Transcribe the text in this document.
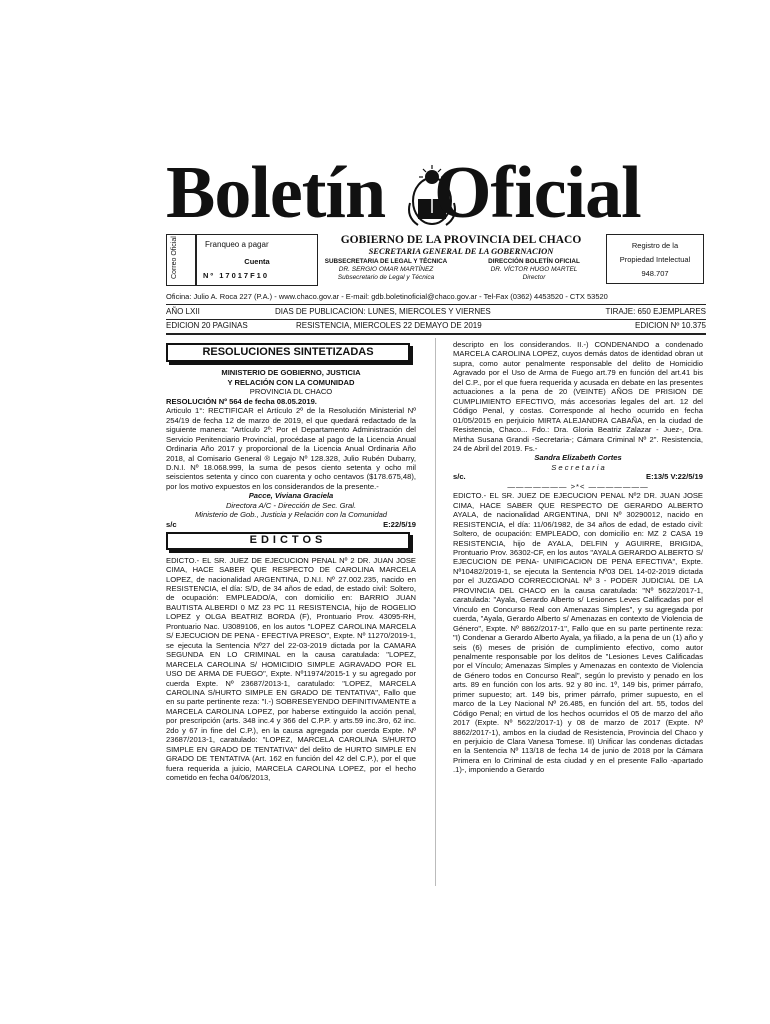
Boletín Oficial
Correo Oficial	Franqueo a pagar
Cuenta
Nº 17017F10
GOBIERNO DE LA PROVINCIA DEL CHACO
SECRETARIA GENERAL DE LA GOBERNACION
SUBSECRETARIA DE LEGAL Y TÉCNICA
DR. SERGIO OMAR MARTÍNEZ
Subsecretario de Legal y Técnica
DIRECCIÓN BOLETÍN OFICIAL
DR. VÍCTOR HUGO MARTEL
Director
Registro de la
Propiedad Intelectual
948.707
Oficina: Julio A. Roca 227 (P.A.) - www.chaco.gov.ar - E-mail: gdb.boletinoficial@chaco.gov.ar - Tel-Fax (0362) 4453520 - CTX 53520
AÑO LXII	DIAS DE PUBLICACION: LUNES, MIERCOLES Y VIERNES	TIRAJE: 650 EJEMPLARES
EDICION 20 PAGINAS	RESISTENCIA, MIERCOLES 22 DEMAYO DE 2019	EDICION Nº 10.375
RESOLUCIONES SINTETIZADAS

MINISTERIO DE GOBIERNO, JUSTICIA

Y RELACIÓN CON LA COMUNIDAD

PROVINCIA DL CHACO

RESOLUCIÓN Nº 564 de fecha 08.05.2019.

Articulo 1°: RECTIFICAR el Artículo 2º de la Resolución Ministerial Nº 254/19 de fecha 12 de marzo de 2019, el que quedará redactado de la siguiente manera: "Artículo 2º: Por el Departamento Administración del Servicio Penitenciario Provincial, procédase al pago de la Licencia Anual Ordinaria Año 2017 y proporcional de la Licencia Anual Ordinaria Año 2018, al Comisario General ® Legajo Nº 128.328, Julio Rubén Dubarry, D.N.I. Nº 18.068.999, la suma de pesos ciento setenta y ocho mil seiscientos setenta y cinco con cuarenta y ocho centavos ($178.675,48), por los motivo expuestos en los considerandos de la presente.-

Pacce, Viviana Graciela

Directora A/C - Dirección de Sec. Gral.

Ministerio de Gob., Justicia y Relación con la Comunidad

s/c	E:22/5/19
EDICTOS

EDICTO.- EL SR. JUEZ DE EJECUCION PENAL Nº 2 DR. JUAN JOSE CIMA, HACE SABER QUE RESPECTO DE CAROLINA MARCELA LOPEZ, de nacionalidad ARGENTINA, D.N.I. Nº 27.002.235, nacido en RESISTENCIA, el día: S/D, de 34 años de edad, de estado civil: Soltero, de ocupación: EMPLEADO/A, con domicilio en: BARRIO JUAN BAUTISTA ALBERDI 0 MZ 23 PC 11 RESISTENCIA, hijo de ROGELIO LOPEZ y OLGA BEATRIZ BORDA (F), Prontuario Prov. 43095-RH, Prontuario Nac. U3089106, en los autos "LOPEZ CAROLINA MARCELA S/ EJECUCION DE PENA - EFECTIVA PRESO", Expte. Nº 11270/2019-1, se ejecuta la Sentencia Nº27 del 22-03-2019 dictada por la CAMARA SEGUNDA EN LO CRIMINAL en la causa caratulada: "LOPEZ, MARCELA CAROLINA S/ HOMICIDIO SIMPLE AGRAVADO POR EL USO DE ARMA DE FUEGO", Expte. Nº11974/2015-1 y su agregado por cuerda Expte. Nº 23687/2013-1, caratulado: "LOPEZ, MARCELA CAROLINA S/HURTO SIMPLE EN GRADO DE TENTATIVA", Fallo que en su parte pertinente reza: "I.-) SOBRESEYENDO DEFINITIVAMENTE a MARCELA CAROLINA LOPEZ, por haberse extinguido la acción penal, por prescripción (arts. 348 inc.4 y 366 del C.P.P. y arts.59 inc.3ro, 62 inc. 2do y 67 in fine del C.P.), en la causa agregada por cuerda Expte. Nº 23687/2013-1, caratulado: "LOPEZ, MARCELA CAROLINA S/HURTO SIMPLE EN GRADO DE TENTATIVA" del delito de HURTO SIMPLE EN GRADO DE TENTATIVA (Art. 162 en función del 42 del C.P.), por el que fuera requerida a juicio, MARCELA CAROLINA LOPEZ, por el hecho cometido en fecha 04/06/2013,

descripto en los considerandos. II.-) CONDENANDO a condenado MARCELA CAROLINA LOPEZ, cuyos demás datos de identidad obran ut supra, como autor penalmente responsable del delito de Homicidio Agravado por el Uso de Arma de Fuego art.79 en función del art.41 bis del C.P., por el que fuera requerida y acusada en debate en las presentes actuaciones a la pena de 20 (VEINTE) AÑOS DE PRISION DE CUMPLIMIENTO EFECTIVO, más accesorias legales del art. 12 del Código Penal, y costas. Corresponde al hecho ocurrido en fecha 01/05/2015 en perjuicio MIRTA ALEJANDRA CABAÑA, en la ciudad de Resistencia, Chaco... Fdo.: Dra. Gloria Beatriz Zalazar - Juez-, Dra. Mirtha Susana Grandi -Secretaria-; Cámara Criminal Nº 2". Resistencia, 24 de Abril del 2019. Fs.-

Sandra Elizabeth Cortes

S e c r e t a r i a

s/c.	E:13/5 V:22/5/19

——————— >*< ———————

EDICTO.- EL SR. JUEZ DE EJECUCION PENAL Nº2 DR. JUAN JOSE CIMA, HACE SABER QUE RESPECTO DE GERARDO ALBERTO AYALA, de nacionalidad ARGENTINA, DNI Nº 30290012, nacido en RESISTENCIA, el día: 11/06/1982, de 34 años de edad, de estado civil: Soltero, de ocupación: EMPLEADO, con domicilio en: MZ 2 CASA 19 RESISTENCIA, hijo de AYALA, DELFIN y AGUIRRE, BRIGIDA, Prontuario Prov. 36302-CF, en los autos "AYALA GERARDO ALBERTO S/ EJECUCION DE PENA- UNIFICACION DE PENA EFECTIVA", Expte. Nº10482/2019-1, se ejecuta la Sentencia Nº03 DEL 14-02-2019 dictada por el JUZGADO CORRECCIONAL Nº 3 - PODER JUDICIAL DE LA PROVINCIA DEL CHACO en la causa caratulada: "Nº 5622/2017-1, caratulada: "Ayala, Gerardo Alberto s/ Lesiones Leves Calificadas por el Vinculo en Concurso Real con Amenazas Simples", y su agregada por cuerda, "Ayala, Gerardo Alberto s/ Amenazas en contexto de Violencia de Género", Expte. Nº 8862/2017-1", Fallo que en su parte pertinente reza: "I) Condenar a Gerardo Alberto Ayala, ya filiado, a la pena de un (1) año y seis (6) meses de prisión de cumplimiento efectivo, como autor penalmente responsable por los delitos de "Lesiones Leves Calificadas por el Vínculo; Amenazas Simples y Amenazas en contexto de Violencia de Género todos en Concurso Real", según lo previsto y penado en los arts. 89 en función con los arts. 92 y 80 inc. 1º, 149 bis, primer párrafo, primer supuesto; art. 149 bis, primer párrafo, primer supuesto, en el marco de la Ley Nacional Nº 26.485, en función del art. 55, todos del Código Penal; en virtud de los hechos ocurridos el 05 de marzo del año 2017 (Expte. Nº 5622/2017-1) y 08 de marzo de 2017 (Expte. Nº 8862/2017-1), ambos en la ciudad de Resistencia, Provincia del Chaco y en perjuicio de Clara Vanesa Tomese. II) Unificar las condenas dictadas en la Sentencia Nº 113/18 de fecha 14 de junio de 2018 por la Cámara Primera en lo Criminal de esta ciudad y en el presente Fallo -apartado .1)-, imponiendo a Gerardo
